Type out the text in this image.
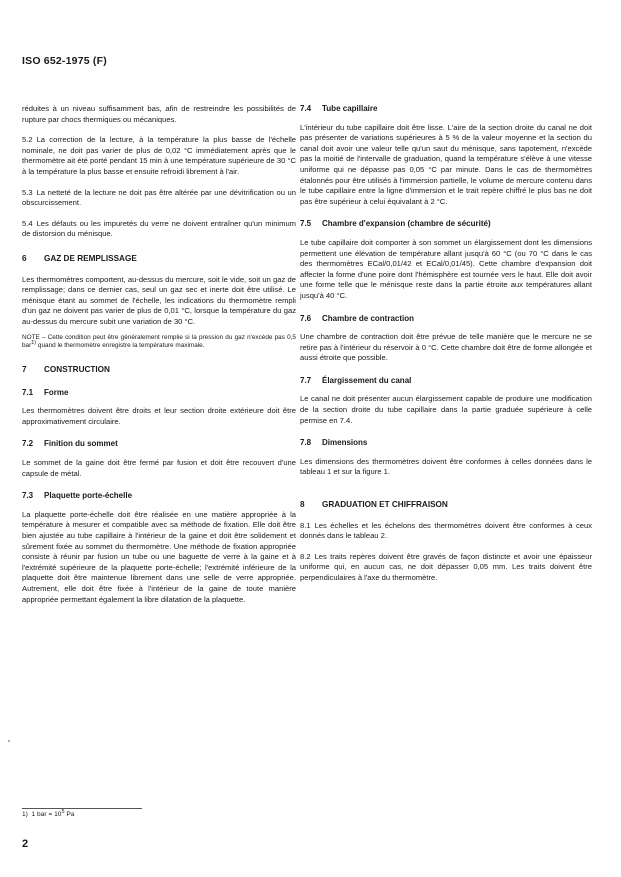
ISO 652-1975 (F)

réduites à un niveau suffisamment bas, afin de restreindre les possibilités de rupture par chocs thermiques ou mécaniques.

5.2 La correction de la lecture, à la température la plus basse de l'échelle nominale, ne doit pas varier de plus de 0,02 °C immédiatement après que le thermomètre ait été porté pendant 15 min à une température supérieure de 30 °C à la température la plus basse et ensuite refroidi librement à l'air.

5.3 La netteté de la lecture ne doit pas être altérée par une dévitrification ou un obscurcissement.

5.4 Les défauts ou les impuretés du verre ne doivent entraîner qu'un minimum de distorsion du ménisque.

6 GAZ DE REMPLISSAGE

Les thermomètres comportent, au-dessus du mercure, soit le vide, soit un gaz de remplissage; dans ce dernier cas, seul un gaz sec et inerte doit être utilisé. Le ménisque étant au sommet de l'échelle, les indications du thermomètre rempli d'un gaz ne doivent pas varier de plus de 0,01 °C, lorsque la température du gaz au-dessus du mercure subit une variation de 30 °C.

NOTE – Cette condition peut être généralement remplie si la pression du gaz n'excède pas 0,5 bar$^{1)}$ quand le thermomètre enregistre la température maximale.

7 CONSTRUCTION
7.1 Forme

Les thermomètres doivent être droits et leur section droite extérieure doit être approximativement circulaire.

7.2 Finition du sommet

Le sommet de la gaine doit être fermé par fusion et doit être recouvert d'une capsule de métal.

7.3 Plaquette porte-échelle

La plaquette porte-échelle doit être réalisée en une matière appropriée à la température à mesurer et compatible avec sa méthode de fixation. Elle doit être bien ajustée au tube capillaire à l'intérieur de la gaine et doit être solidement et sûrement fixée au sommet du thermomètre. Une méthode de fixation appropriée consiste à réunir par fusion un tube ou une baguette de verre à la gaine et à l'extrémité supérieure de la plaquette porte-échelle; l'extrémité inférieure de la plaquette doit être maintenue librement dans une selle de verre appropriée. Autrement, elle doit être fixée à l'intérieur de la gaine de toute manière appropriée permettant également la libre dilatation de la plaquette.

7.4 Tube capillaire

L'intérieur du tube capillaire doit être lisse. L'aire de la section droite du canal ne doit pas présenter de variations supérieures à 5 % de la valeur moyenne et la section du canal doit avoir une valeur telle qu'un saut du ménisque, sans tapotement, n'excède pas la moitié de l'intervalle de graduation, quand la température s'élève à une vitesse uniforme qui ne dépasse pas 0,05 °C par minute. Dans le cas de thermomètres étalonnés pour être utilisés à l'immersion partielle, le volume de mercure contenu dans le tube capillaire entre la ligne d'immersion et le trait repère chiffré le plus bas ne doit pas être supérieur à celui équivalant à 2 °C.

7.5 Chambre d'expansion (chambre de sécurité)

Le tube capillaire doit comporter à son sommet un élargissement dont les dimensions permettent une élévation de température allant jusqu'à 60 °C (ou 70 °C dans le cas des thermomètres ECal/0,01/42 et ECal/0,01/45). Cette chambre d'expansion doit affecter la forme d'une poire dont l'hémisphère est tournée vers le haut. Elle doit avoir une forme telle que le ménisque reste dans la partie étroite aux températures allant jusqu'à 40 °C.

7.6 Chambre de contraction

Une chambre de contraction doit être prévue de telle manière que le mercure ne se retire pas à l'intérieur du réservoir à 0 °C. Cette chambre doit être de forme allongée et aussi étroite que possible.

7.7 Élargissement du canal

Le canal ne doit présenter aucun élargissement capable de produire une modification de la section droite du tube capillaire dans la partie graduée supérieure à celle permise en 7.4.

7.8 Dimensions

Les dimensions des thermomètres doivent être conformes à celles données dans le tableau 1 et sur la figure 1.

8 GRADUATION ET CHIFFRAISON

8.1 Les échelles et les échelons des thermomètres doivent être conformes à ceux donnés dans le tableau 2.

8.2 Les traits repères doivent être gravés de façon distincte et avoir une épaisseur uniforme qui, en aucun cas, ne doit dépasser 0,05 mm. Les traits doivent être perpendiculaires à l'axe du thermomètre.

1) 1 bar = $10^5$ Pa
2
